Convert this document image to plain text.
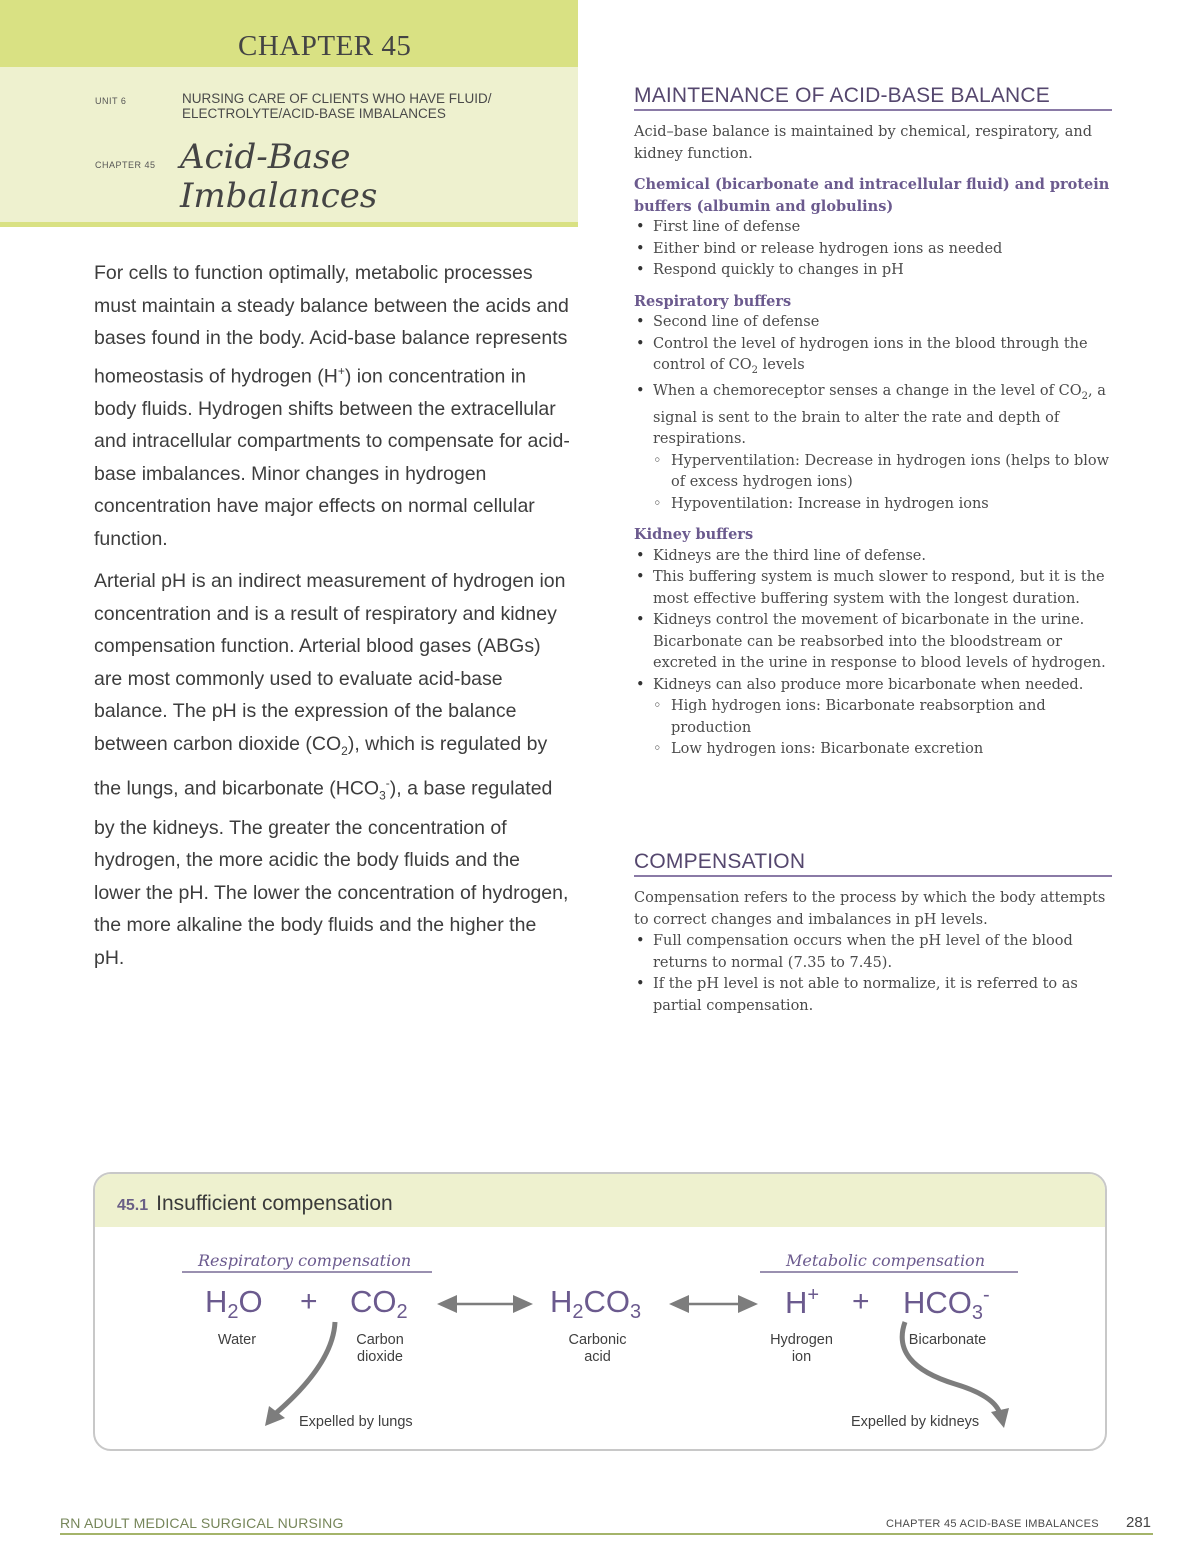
CHAPTER 45
UNIT 6	NURSING CARE OF CLIENTS WHO HAVE FLUID/ ELECTROLYTE/ACID-BASE IMBALANCES
CHAPTER 45 Acid-Base
Imbalances

For cells to function optimally, metabolic processes must maintain a steady balance between the acids and bases found in the body. Acid-base balance represents homeostasis of hydrogen (H+) ion concentration in body fluids. Hydrogen shifts between the extracellular and intracellular compartments to compensate for acid-base imbalances. Minor changes in hydrogen concentration have major effects on normal cellular function.

Arterial pH is an indirect measurement of hydrogen ion concentration and is a result of respiratory and kidney compensation function. Arterial blood gases (ABGs) are most commonly used to evaluate acid-base balance. The pH is the expression of the balance between carbon dioxide $(CO_2)$, which is regulated by the lungs, and bicarbonate $(HCO_3^-)$, a base regulated by the kidneys. The greater the concentration of hydrogen, the more acidic the body fluids and the lower the pH. The lower the concentration of hydrogen, the more alkaline the body fluids and the higher the pH.

MAINTENANCE OF ACID-BASE BALANCE
Acid–base balance is maintained by chemical, respiratory, and kidney function.
Chemical (bicarbonate and intracellular fluid) and protein buffers (albumin and globulins)
• First line of defense
• Either bind or release hydrogen ions as needed
• Respond quickly to changes in pH
Respiratory buffers
• Second line of defense
• Control the level of hydrogen ions in the blood through the control of $CO_2$ levels
• When a chemoreceptor senses a change in the level of $CO_2$, a signal is sent to the brain to alter the rate and depth of respirations.
◦ Hyperventilation: Decrease in hydrogen ions (helps to blow of excess hydrogen ions)
◦ Hypoventilation: Increase in hydrogen ions
Kidney buffers
• Kidneys are the third line of defense.
• This buffering system is much slower to respond, but it is the most effective buffering system with the longest duration.
• Kidneys control the movement of bicarbonate in the urine. Bicarbonate can be reabsorbed into the bloodstream or excreted in the urine in response to blood levels of hydrogen.
• Kidneys can also produce more bicarbonate when needed.
◦ High hydrogen ions: Bicarbonate reabsorption and production
◦ Low hydrogen ions: Bicarbonate excretion
COMPENSATION
Compensation refers to the process by which the body attempts to correct changes and imbalances in pH levels.
• Full compensation occurs when the pH level of the blood returns to normal (7.35 to 7.45).
• If the pH level is not able to normalize, it is referred to as partial compensation.
45.1 Insufficient compensation
Respiratory compensation	Metabolic compensation
$H_2O + CO_2$	$H_2CO_3$	$H^+ + HCO_3^-$
Water	Carbon
dioxide
Carbonic
acid
Hydrogen
ion
Bicarbonate
Expelled by lungs	Expelled by kidneys
RN ADULT MEDICAL SURGICAL NURSING	CHAPTER 45 ACID-BASE IMBALANCES 281
